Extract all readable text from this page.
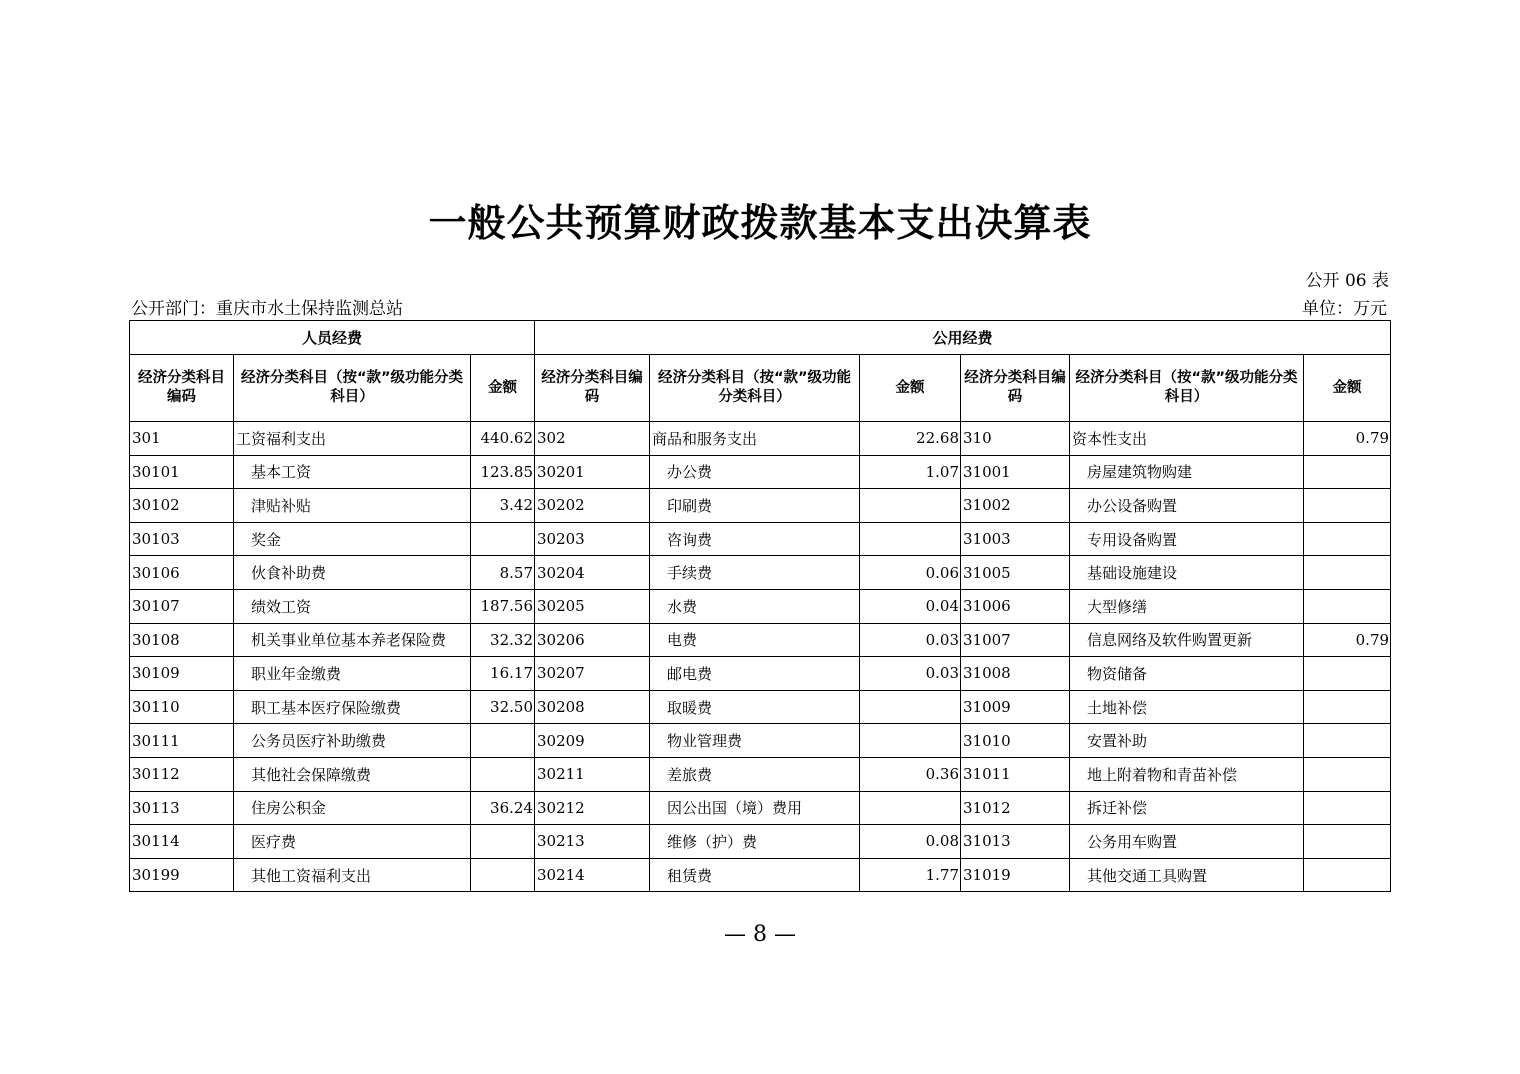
一般公共预算财政拨款基本支出决算表
公开 06 表
公开部门：重庆市水土保持监测总站	单位：万元
人员经费			公用经费					
经济分类科目编码	经济分类科目（按“款”级功能分类科目）	金额	经济分类科目编码	经济分类科目（按“款”级功能分类科目）	金额	经济分类科目编码	经济分类科目（按“款”级功能分类科目）	金额
301	工资福利支出	440.62	302	商品和服务支出	22.68	310	资本性支出	0.79
30101	基本工资	123.85	30201	办公费	1.07	31001	房屋建筑物购建	
30102	津贴补贴	3.42	30202	印刷费		31002	办公设备购置	
30103	奖金		30203	咨询费		31003	专用设备购置	
30106	伙食补助费	8.57	30204	手续费	0.06	31005	基础设施建设	
30107	绩效工资	187.56	30205	水费	0.04	31006	大型修缮	
30108	机关事业单位基本养老保险费	32.32	30206	电费	0.03	31007	信息网络及软件购置更新	0.79
30109	职业年金缴费	16.17	30207	邮电费	0.03	31008	物资储备	
30110	职工基本医疗保险缴费	32.50	30208	取暖费		31009	土地补偿	
30111	公务员医疗补助缴费		30209	物业管理费		31010	安置补助	
30112	其他社会保障缴费		30211	差旅费	0.36	31011	地上附着物和青苗补偿	
30113	住房公积金	36.24	30212	因公出国（境）费用		31012	拆迁补偿	
30114	医疗费		30213	维修（护）费	0.08	31013	公务用车购置	
30199	其他工资福利支出		30214	租赁费	1.77	31019	其他交通工具购置	
— 8 —
